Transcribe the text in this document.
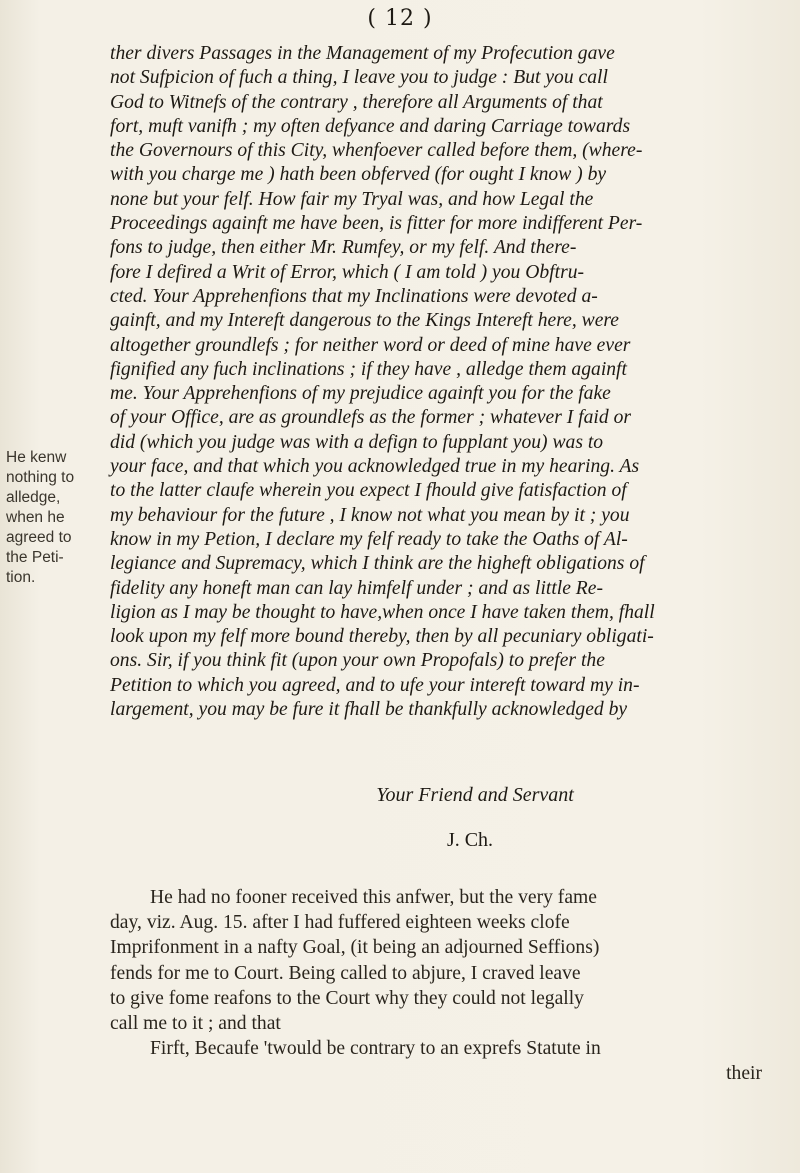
( 12 )
He kenw
nothing to
alledge,
when he
agreed to
the Peti-
tion.
ther divers Passages in the Management of my Profecution gave
not Sufpicion of fuch a thing, I leave you to judge : But you call
God to Witnefs of the contrary , therefore all Arguments of that
fort, muft vanifh ; my often defyance and daring Carriage towards
the Governours of this City, whenfoever called before them, (where-
with you charge me ) hath been obferved (for ought I know ) by
none but your felf. How fair my Tryal was, and how Legal the
Proceedings againft me have been, is fitter for more indifferent Per-
fons to judge, then either Mr. Rumfey, or my felf. And there-
fore I defired a Writ of Error, which ( I am told ) you Obftru-
cted. Your Apprehenfions that my Inclinations were devoted a-
gainft, and my Intereft dangerous to the Kings Intereft here, were
altogether groundlefs ; for neither word or deed of mine have ever
fignified any fuch inclinations ; if they have , alledge them againft
me. Your Apprehenfions of my prejudice againft you for the fake
of your Office, are as groundlefs as the former ; whatever I faid or
did (which you judge was with a defign to fupplant you) was to
your face, and that which you acknowledged true in my hearing. As
to the latter claufe wherein you expect I fhould give fatisfaction of
my behaviour for the future , I know not what you mean by it ; you
know in my Petion, I declare my felf ready to take the Oaths of Al-
legiance and Supremacy, which I think are the higheft obligations of
fidelity any honeft man can lay himfelf under ; and as little Re-
ligion as I may be thought to have,when once I have taken them, fhall
look upon my felf more bound thereby, then by all pecuniary obligati-
ons. Sir, if you think fit (upon your own Propofals) to prefer the
Petition to which you agreed, and to ufe your intereft toward my in-
largement, you may be fure it fhall be thankfully acknowledged by
Your Friend and Servant
J. Ch.
He had no fooner received this anfwer, but the very fame
day, viz. Aug. 15. after I had fuffered eighteen weeks clofe
Imprifonment in a nafty Goal, (it being an adjourned Seffions)
fends for me to Court. Being called to abjure, I craved leave
to give fome reafons to the Court why they could not legally
call me to it ; and that
Firft, Becaufe 'twould be contrary to an exprefs Statute in
their
